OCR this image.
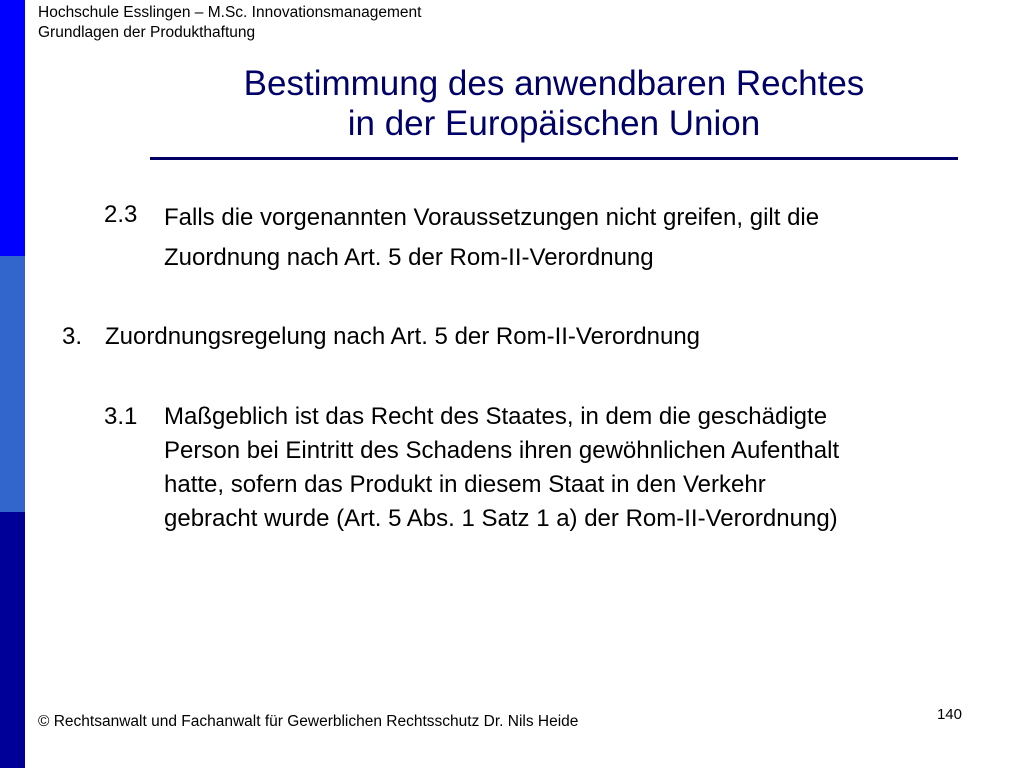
Hochschule Esslingen – M.Sc. Innovationsmanagement
Grundlagen der Produkthaftung
Bestimmung des anwendbaren Rechtes
in der Europäischen Union
2.3 Falls die vorgenannten Voraussetzungen nicht greifen, gilt die
Zuordnung nach Art. 5 der Rom-II-Verordnung
3. Zuordnungsregelung nach Art. 5 der Rom-II-Verordnung
3.1 Maßgeblich ist das Recht des Staates, in dem die geschädigte
Person bei Eintritt des Schadens ihren gewöhnlichen Aufenthalt
hatte, sofern das Produkt in diesem Staat in den Verkehr
gebracht wurde (Art. 5 Abs. 1 Satz 1 a) der Rom-II-Verordnung)
© Rechtsanwalt und Fachanwalt für Gewerblichen Rechtsschutz Dr. Nils Heide	140
